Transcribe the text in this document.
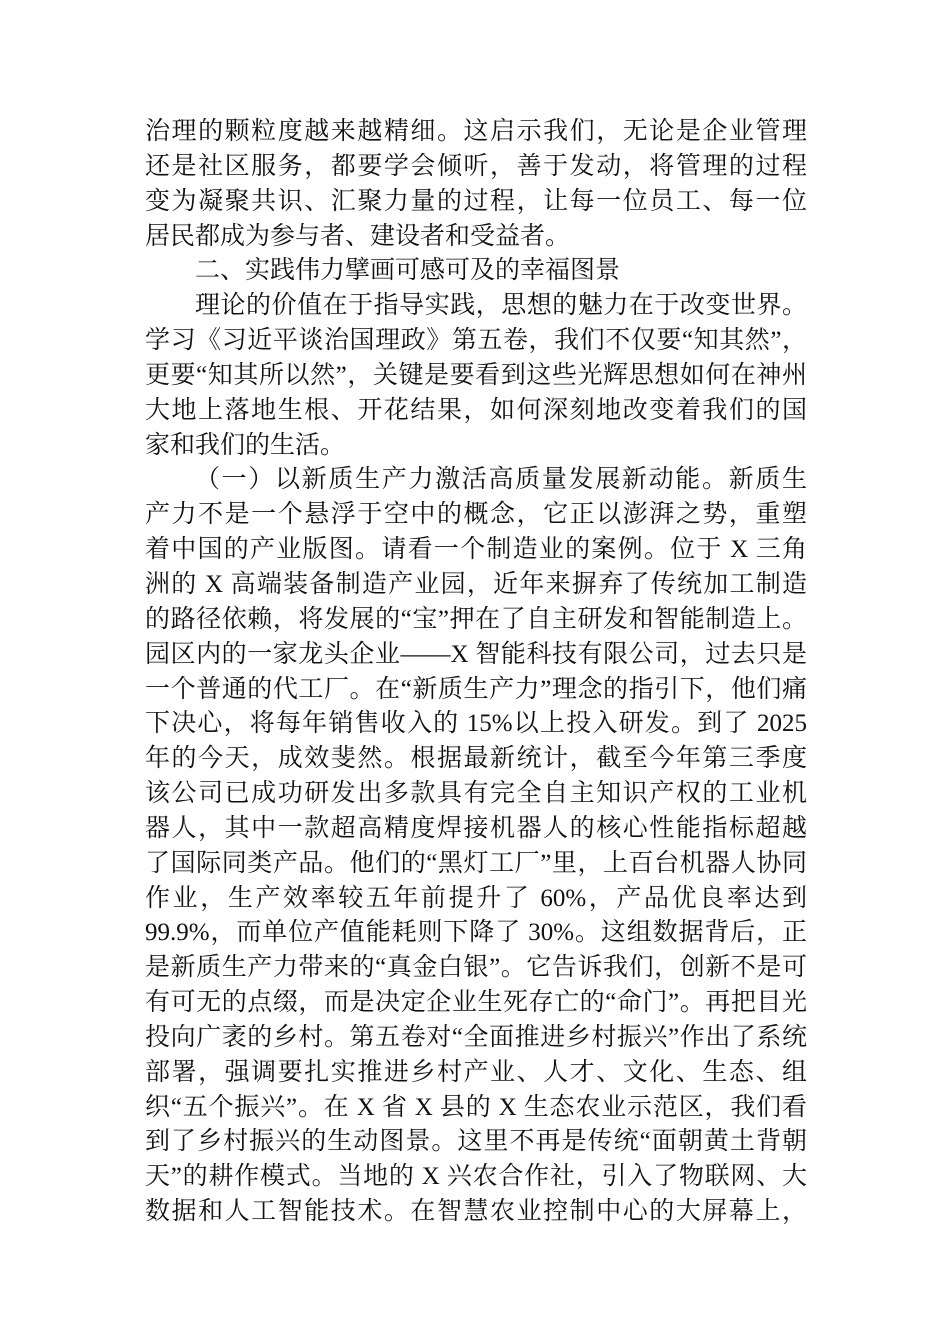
治理的颗粒度越来越精细。这启示我们，无论是企业管理
还是社区服务，都要学会倾听，善于发动，将管理的过程
变为凝聚共识、汇聚力量的过程，让每一位员工、每一位
居民都成为参与者、建设者和受益者。
二、实践伟力擘画可感可及的幸福图景
理论的价值在于指导实践，思想的魅力在于改变世界。
学习《习近平谈治国理政》第五卷，我们不仅要“知其然”，
更要“知其所以然”，关键是要看到这些光辉思想如何在神州
大地上落地生根、开花结果，如何深刻地改变着我们的国
家和我们的生活。
（一）以新质生产力激活高质量发展新动能。新质生
产力不是一个悬浮于空中的概念，它正以澎湃之势，重塑
着中国的产业版图。请看一个制造业的案例。位于 X 三角
洲的 X 高端装备制造产业园，近年来摒弃了传统加工制造
的路径依赖，将发展的“宝”押在了自主研发和智能制造上。
园区内的一家龙头企业——X 智能科技有限公司，过去只是
一个普通的代工厂。在“新质生产力”理念的指引下，他们痛
下决心，将每年销售收入的 15%以上投入研发。到了 2025
年的今天，成效斐然。根据最新统计，截至今年第三季度
该公司已成功研发出多款具有完全自主知识产权的工业机
器人，其中一款超高精度焊接机器人的核心性能指标超越
了国际同类产品。他们的“黑灯工厂”里，上百台机器人协同
作业，生产效率较五年前提升了 60%，产品优良率达到
99.9%，而单位产值能耗则下降了 30%。这组数据背后，正
是新质生产力带来的“真金白银”。它告诉我们，创新不是可
有可无的点缀，而是决定企业生死存亡的“命门”。再把目光
投向广袤的乡村。第五卷对“全面推进乡村振兴”作出了系统
部署，强调要扎实推进乡村产业、人才、文化、生态、组
织“五个振兴”。在 X 省 X 县的 X 生态农业示范区，我们看
到了乡村振兴的生动图景。这里不再是传统“面朝黄土背朝
天”的耕作模式。当地的 X 兴农合作社，引入了物联网、大
数据和人工智能技术。在智慧农业控制中心的大屏幕上，
